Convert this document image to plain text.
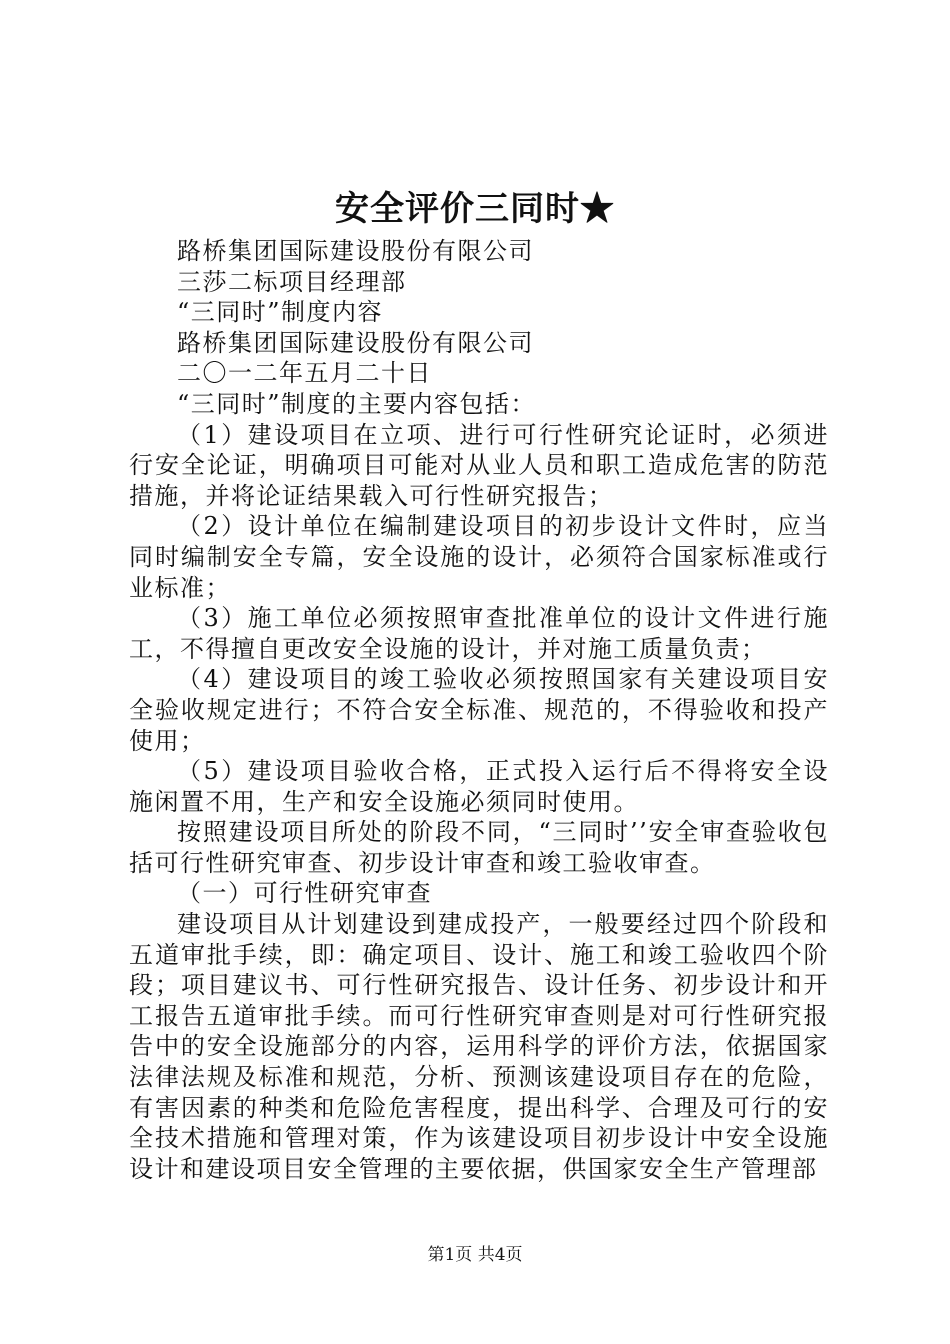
安全评价三同时★

路桥集团国际建设股份有限公司

三莎二标项目经理部

“三同时”制度内容

路桥集团国际建设股份有限公司

二〇一二年五月二十日

“三同时”制度的主要内容包括：

（1）建设项目在立项、进行可行性研究论证时，必须进行安全论证，明确项目可能对从业人员和职工造成危害的防范措施，并将论证结果载入可行性研究报告；

（2）设计单位在编制建设项目的初步设计文件时，应当同时编制安全专篇，安全设施的设计，必须符合国家标准或行业标准；

（3）施工单位必须按照审查批准单位的设计文件进行施工，不得擅自更改安全设施的设计，并对施工质量负责；

（4）建设项目的竣工验收必须按照国家有关建设项目安全验收规定进行；不符合安全标准、规范的，不得验收和投产使用；

（5）建设项目验收合格，正式投入运行后不得将安全设施闲置不用，生产和安全设施必须同时使用。

按照建设项目所处的阶段不同，“三同时’’安全审查验收包括可行性研究审查、初步设计审查和竣工验收审查。

（一）可行性研究审查

建设项目从计划建设到建成投产，一般要经过四个阶段和五道审批手续，即：确定项目、设计、施工和竣工验收四个阶段；项目建议书、可行性研究报告、设计任务、初步设计和开工报告五道审批手续。而可行性研究审查则是对可行性研究报告中的安全设施部分的内容，运用科学的评价方法，依据国家法律法规及标准和规范，分析、预测该建设项目存在的危险，有害因素的种类和危险危害程度，提出科学、合理及可行的安全技术措施和管理对策，作为该建设项目初步设计中安全设施设计和建设项目安全管理的主要依据，供国家安全生产管理部

第1页 共4页
